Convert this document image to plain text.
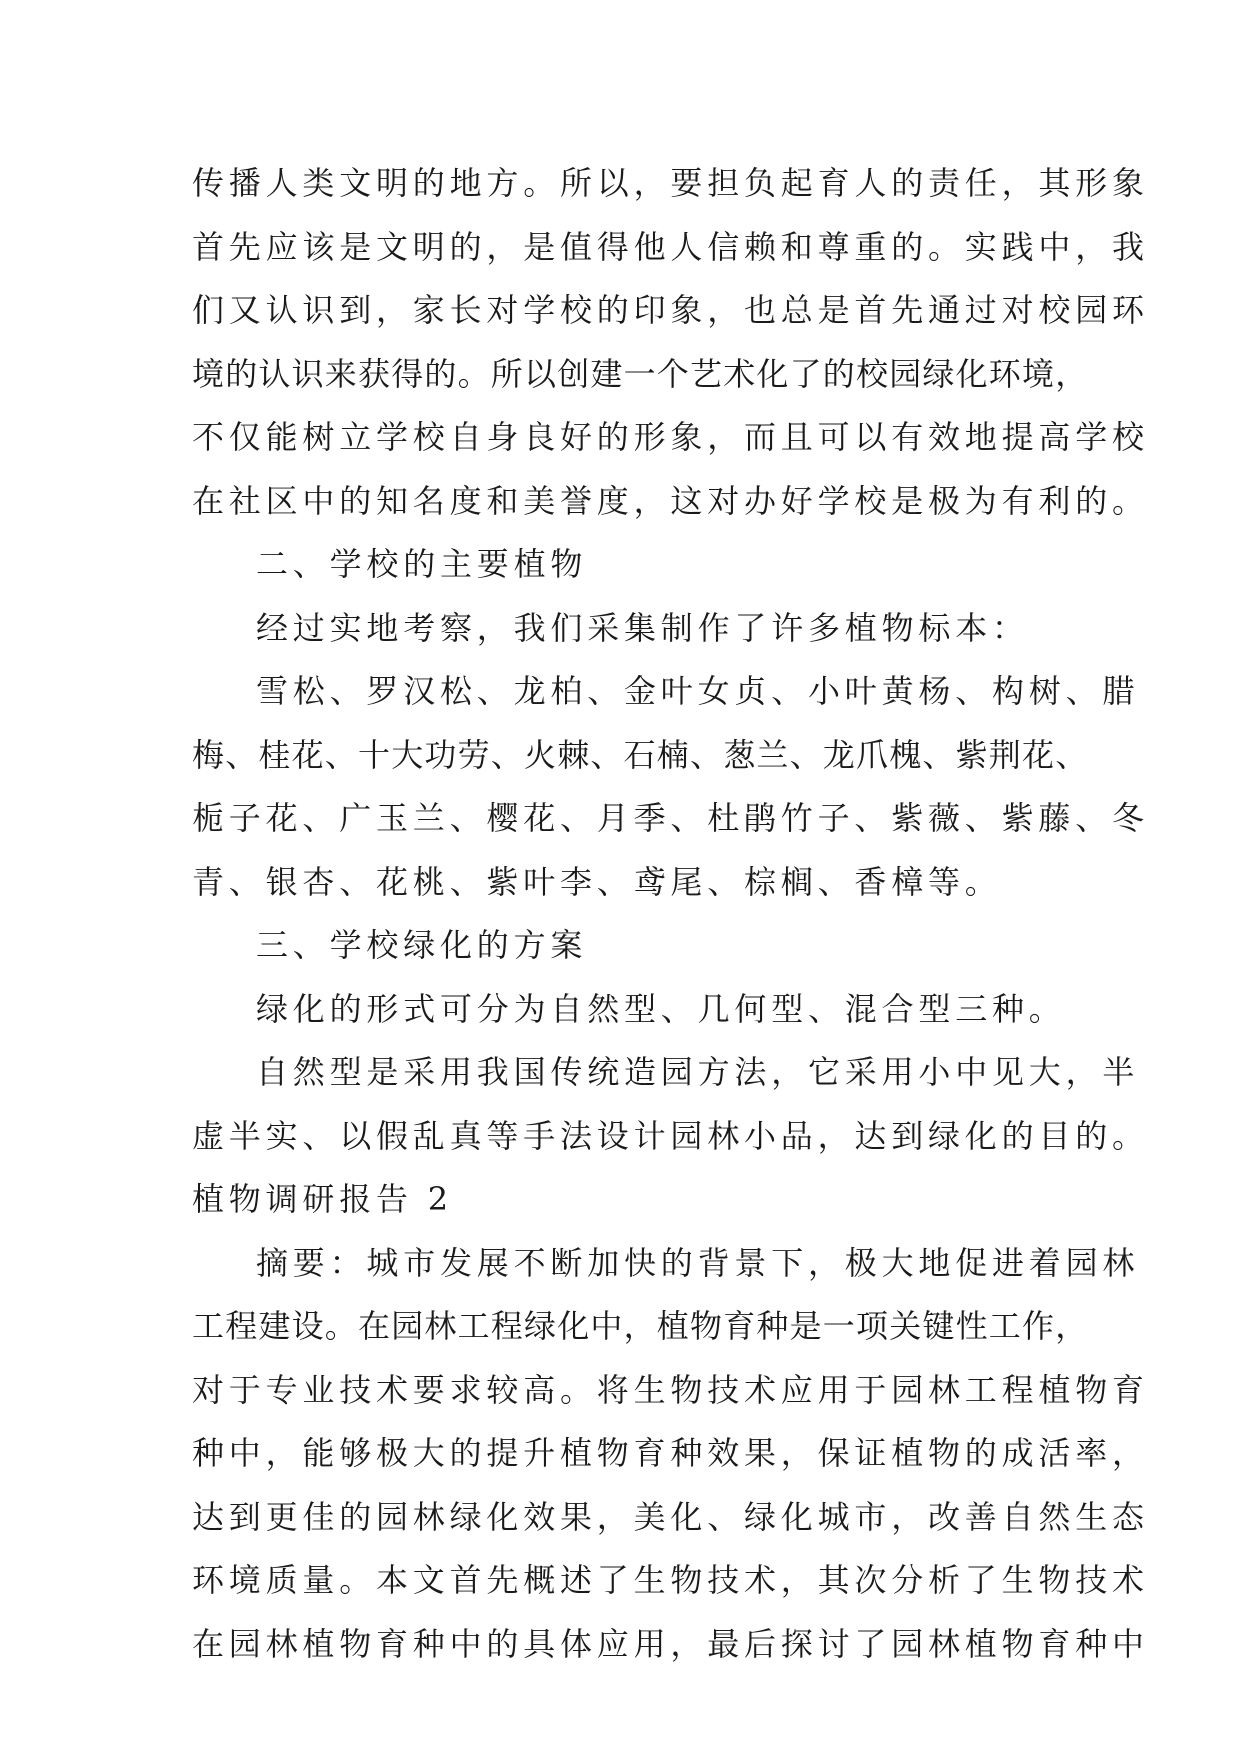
传播人类文明的地方。所以，要担负起育人的责任，其形象
首先应该是文明的，是值得他人信赖和尊重的。实践中，我
们又认识到，家长对学校的印象，也总是首先通过对校园环
境的认识来获得的。所以创建一个艺术化了的校园绿化环境，
不仅能树立学校自身良好的形象，而且可以有效地提高学校
在社区中的知名度和美誉度，这对办好学校是极为有利的。
二、学校的主要植物
经过实地考察，我们采集制作了许多植物标本：
雪松、罗汉松、龙柏、金叶女贞、小叶黄杨、构树、腊
梅、桂花、十大功劳、火棘、石楠、葱兰、龙爪槐、紫荆花、
栀子花、广玉兰、樱花、月季、杜鹃竹子、紫薇、紫藤、冬
青、银杏、花桃、紫叶李、鸢尾、棕榈、香樟等。
三、学校绿化的方案
绿化的形式可分为自然型、几何型、混合型三种。
自然型是采用我国传统造园方法，它采用小中见大，半
虚半实、以假乱真等手法设计园林小品，达到绿化的目的。
植物调研报告 2
摘要：城市发展不断加快的背景下，极大地促进着园林
工程建设。在园林工程绿化中，植物育种是一项关键性工作，
对于专业技术要求较高。将生物技术应用于园林工程植物育
种中，能够极大的提升植物育种效果，保证植物的成活率，
达到更佳的园林绿化效果，美化、绿化城市，改善自然生态
环境质量。本文首先概述了生物技术，其次分析了生物技术
在园林植物育种中的具体应用，最后探讨了园林植物育种中
